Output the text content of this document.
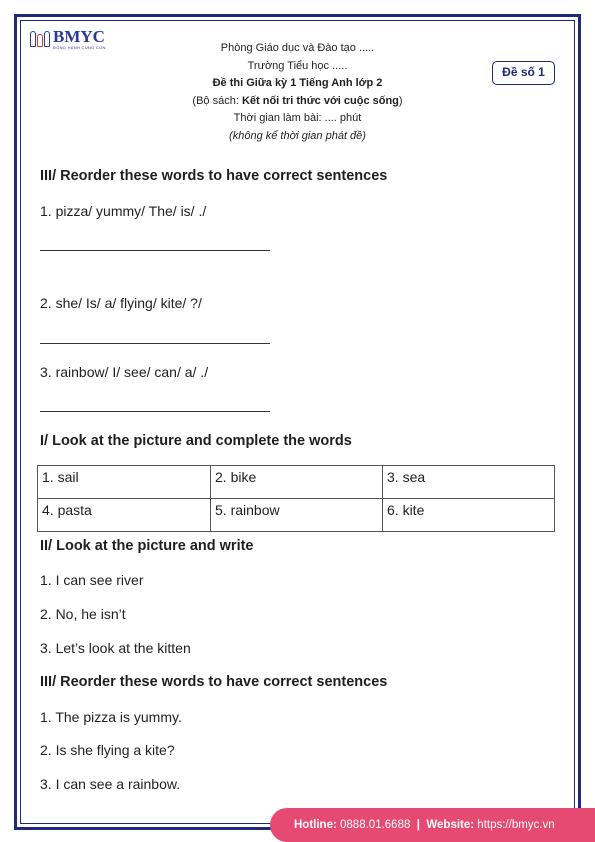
BMYC
ĐỒNG HÀNH CÙNG CON	Phòng Giáo dục và Đào tạo .....
Trường Tiểu học .....
Đề thi Giữa kỳ 1 Tiếng Anh lớp 2
(Bộ sách: Kết nối tri thức với cuộc sống)
Thời gian làm bài: .... phút
(không kể thời gian phát đề)
Đề số 1
III/ Reorder these words to have correct sentences
1. pizza/ yummy/ The/ is/ ./
2. she/ Is/ a/ flying/ kite/ ?/
3. rainbow/ I/ see/ can/ a/ ./
I/ Look at the picture and complete the words
1. sail	2. bike	3. sea
4. pasta	5. rainbow	6. kite
II/ Look at the picture and write
1. I can see river
2. No, he isn’t
3. Let’s look at the kitten
III/ Reorder these words to have correct sentences
1. The pizza is yummy.
2. Is she flying a kite?
3. I can see a rainbow.
Hotline: 0888.01.6688 | Website: https://bmyc.vn
